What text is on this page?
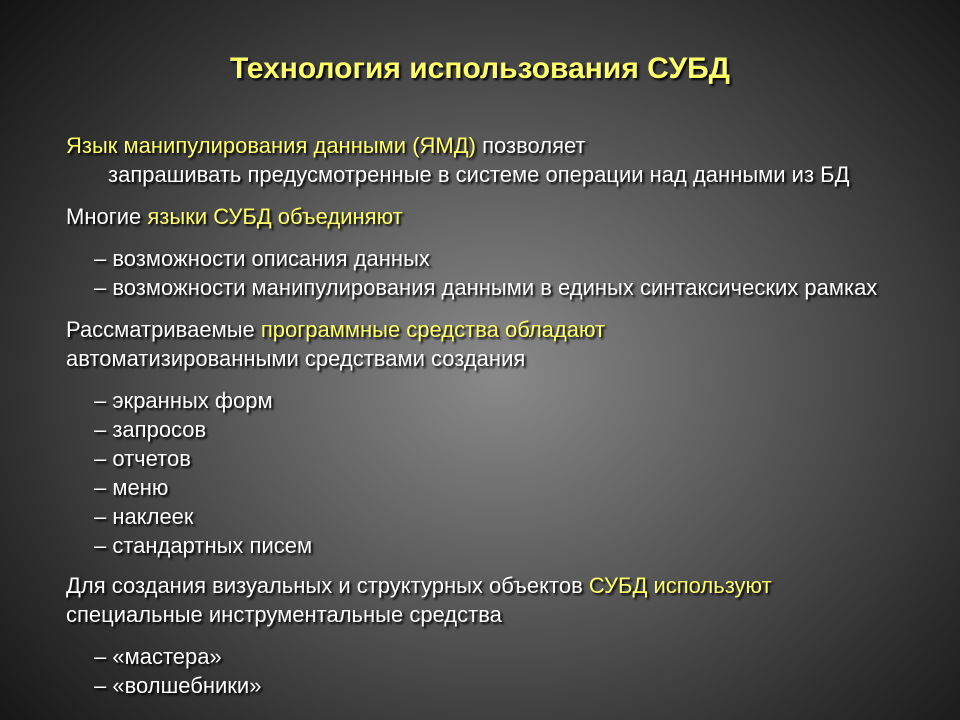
Технология использования СУБД
Язык манипулирования данными (ЯМД) позволяет
запрашивать предусмотренные в системе операции над данными из БД
Многие языки СУБД объединяют
– возможности описания данных
– возможности манипулирования данными в единых синтаксических рамках
Рассматриваемые программные средства обладают
автоматизированными средствами создания
– экранных форм
– запросов
– отчетов
– меню
– наклеек
– стандартных писем
Для создания визуальных и структурных объектов СУБД используют
специальные инструментальные средства
– «мастера»
– «волшебники»
